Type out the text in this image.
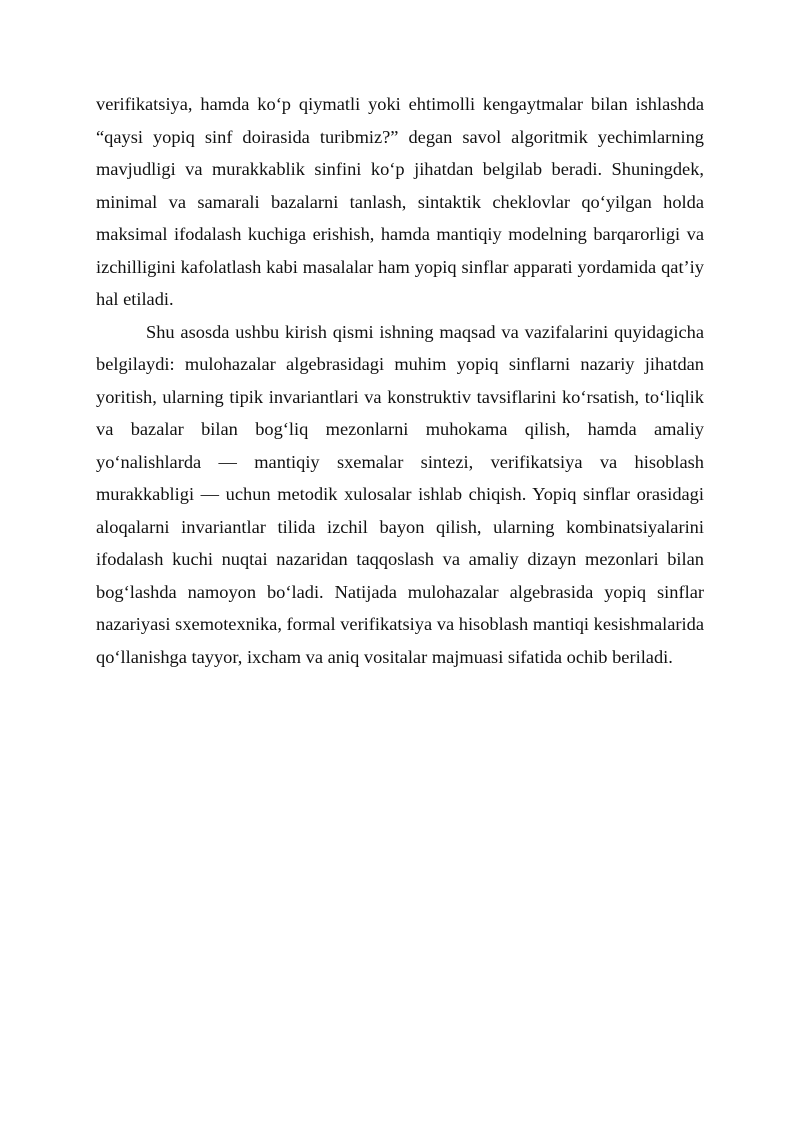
verifikatsiya, hamda ko‘p qiymatli yoki ehtimolli kengaytmalar bilan ishlashda “qaysi yopiq sinf doirasida turibmiz?” degan savol algoritmik yechimlarning mavjudligi va murakkablik sinfini ko‘p jihatdan belgilab beradi. Shuningdek, minimal va samarali bazalarni tanlash, sintaktik cheklovlar qo‘yilgan holda maksimal ifodalash kuchiga erishish, hamda mantiqiy modelning barqarorligi va izchilligini kafolatlash kabi masalalar ham yopiq sinflar apparati yordamida qat’iy hal etiladi.

Shu asosda ushbu kirish qismi ishning maqsad va vazifalarini quyidagicha belgilaydi: mulohazalar algebrasidagi muhim yopiq sinflarni nazariy jihatdan yoritish, ularning tipik invariantlari va konstruktiv tavsiflarini ko‘rsatish, to‘liqlik va bazalar bilan bog‘liq mezonlarni muhokama qilish, hamda amaliy yo‘nalishlarda — mantiqiy sxemalar sintezi, verifikatsiya va hisoblash murakkabligi — uchun metodik xulosalar ishlab chiqish. Yopiq sinflar orasidagi aloqalarni invariantlar tilida izchil bayon qilish, ularning kombinatsiyalarini ifodalash kuchi nuqtai nazaridan taqqoslash va amaliy dizayn mezonlari bilan bog‘lashda namoyon bo‘ladi. Natijada mulohazalar algebrasida yopiq sinflar nazariyasi sxemotexnika, formal verifikatsiya va hisoblash mantiqi kesishmalarida qo‘llanishga tayyor, ixcham va aniq vositalar majmuasi sifatida ochib beriladi.
